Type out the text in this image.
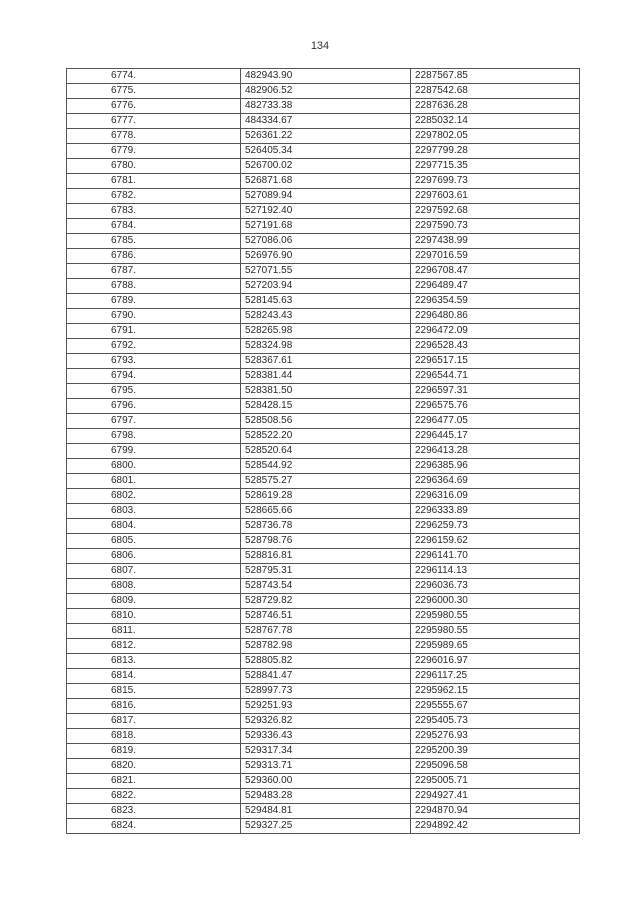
134
6774.	482943.90	2287567.85
6775.	482906.52	2287542.68
6776.	482733.38	2287636.28
6777.	484334.67	2285032.14
6778.	526361.22	2297802.05
6779.	526405.34	2297799.28
6780.	526700.02	2297715.35
6781.	526871.68	2297699.73
6782.	527089.94	2297603.61
6783.	527192.40	2297592.68
6784.	527191.68	2297590.73
6785.	527086.06	2297438.99
6786.	526976.90	2297016.59
6787.	527071.55	2296708.47
6788.	527203.94	2296489.47
6789.	528145.63	2296354.59
6790.	528243.43	2296480.86
6791.	528265.98	2296472.09
6792.	528324.98	2296528.43
6793.	528367.61	2296517.15
6794.	528381.44	2296544.71
6795.	528381.50	2296597.31
6796.	528428.15	2296575.76
6797.	528508.56	2296477.05
6798.	528522.20	2296445.17
6799.	528520.64	2296413.28
6800.	528544.92	2296385.96
6801.	528575.27	2296364.69
6802.	528619.28	2296316.09
6803.	528665.66	2296333.89
6804.	528736.78	2296259.73
6805.	528798.76	2296159.62
6806.	528816.81	2296141.70
6807.	528795.31	2296114.13
6808.	528743.54	2296036.73
6809.	528729.82	2296000.30
6810.	528746.51	2295980.55
6811.	528767.78	2295980.55
6812.	528782.98	2295989.65
6813.	528805.82	2296016.97
6814.	528841.47	2296117.25
6815.	528997.73	2295962.15
6816.	529251.93	2295555.67
6817.	529326.82	2295405.73
6818.	529336.43	2295276.93
6819.	529317.34	2295200.39
6820.	529313.71	2295096.58
6821.	529360.00	2295005.71
6822.	529483.28	2294927.41
6823.	529484.81	2294870.94
6824.	529327.25	2294892.42
